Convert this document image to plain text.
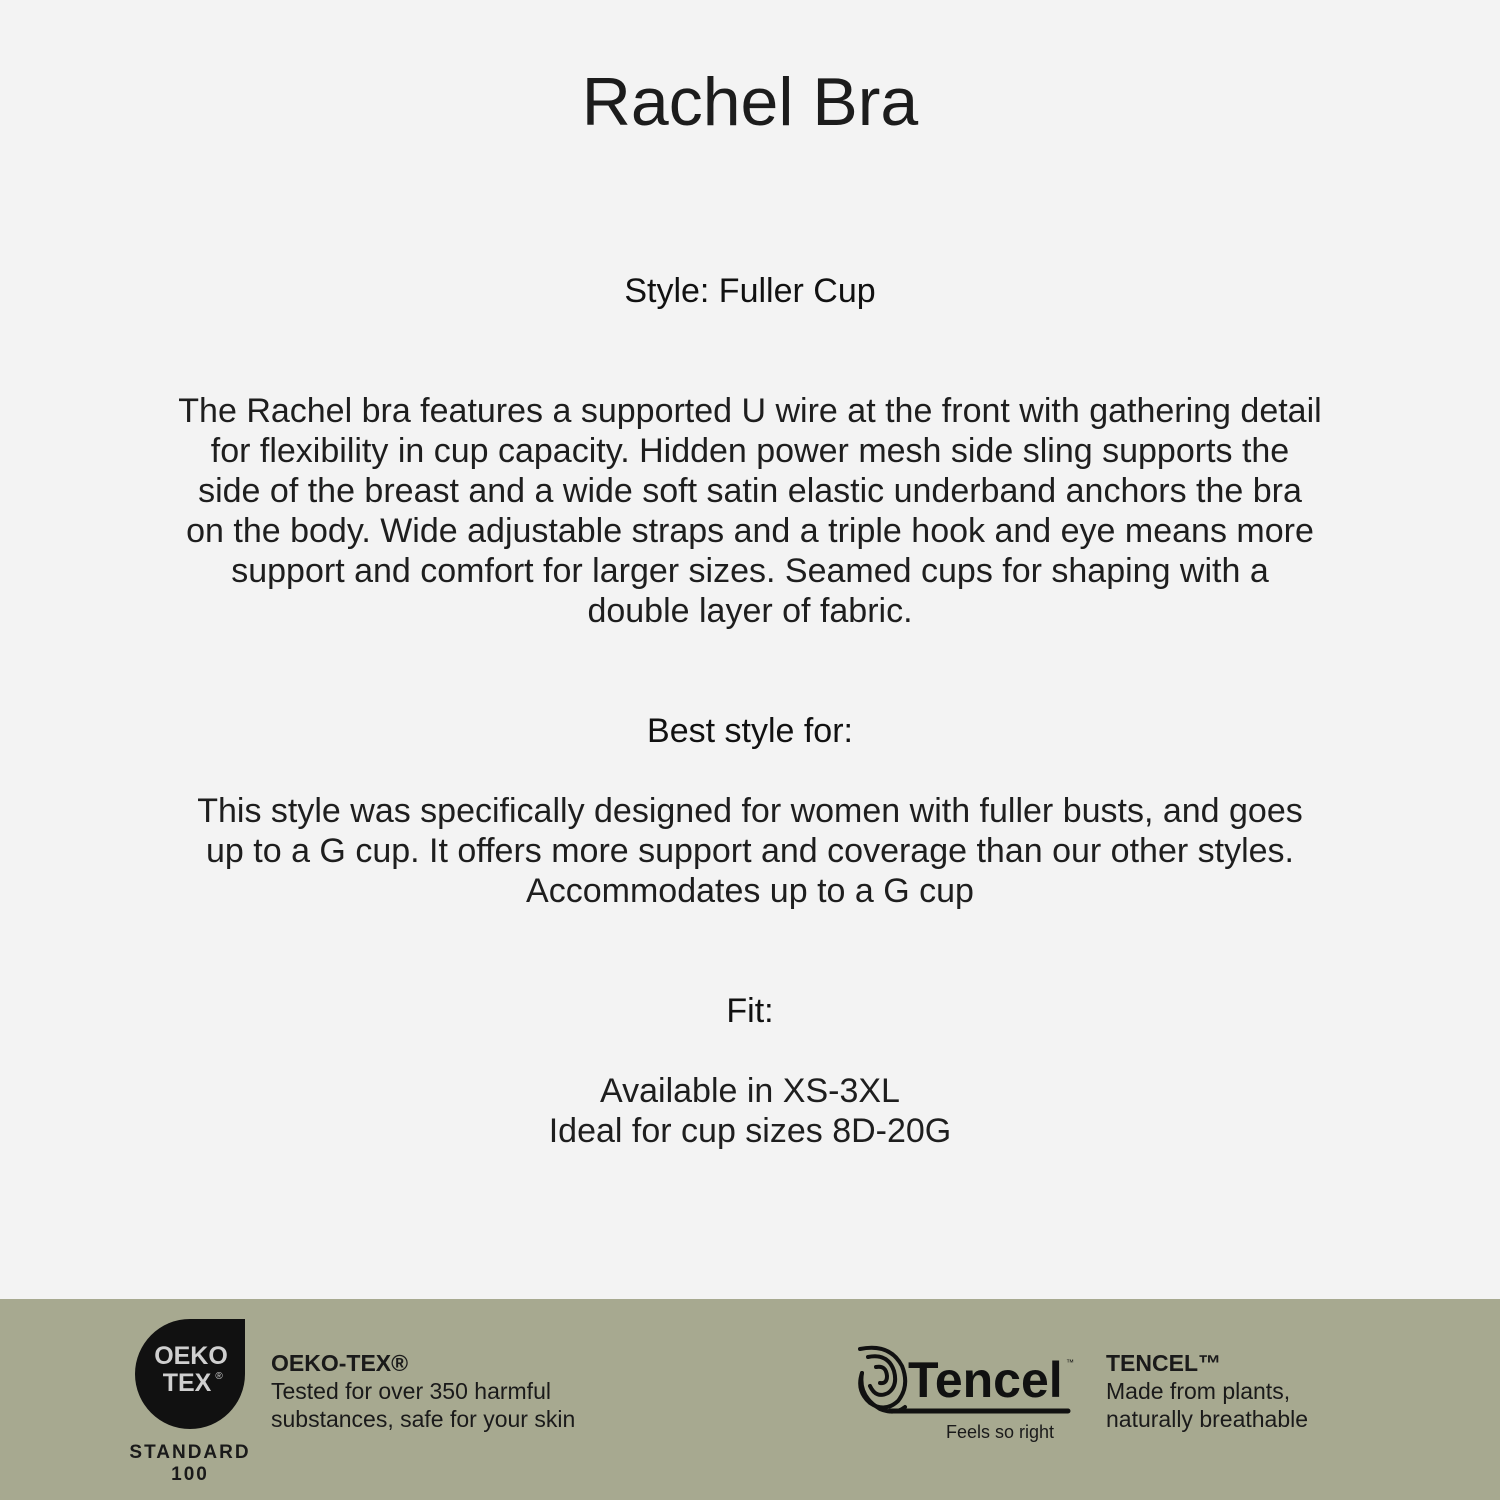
Rachel Bra
Style: Fuller Cup
The Rachel bra features a supported U wire at the front with gathering detail
for flexibility in cup capacity. Hidden power mesh side sling supports the
side of the breast and a wide soft satin elastic underband anchors the bra
on the body. Wide adjustable straps and a triple hook and eye means more
support and comfort for larger sizes. Seamed cups for shaping with a
double layer of fabric.
Best style for:
This style was specifically designed for women with fuller busts, and goes
up to a G cup. It offers more support and coverage than our other styles.
Accommodates up to a G cup
Fit:
Available in XS-3XL
Ideal for cup sizes 8D-20G
OEKO
TEX ®
STANDARD
100
OEKO-TEX®
Tested for over 350 harmful
substances, safe for your skin
Tencel ™
Feels so right
TENCEL™
Made from plants,
naturally breathable
